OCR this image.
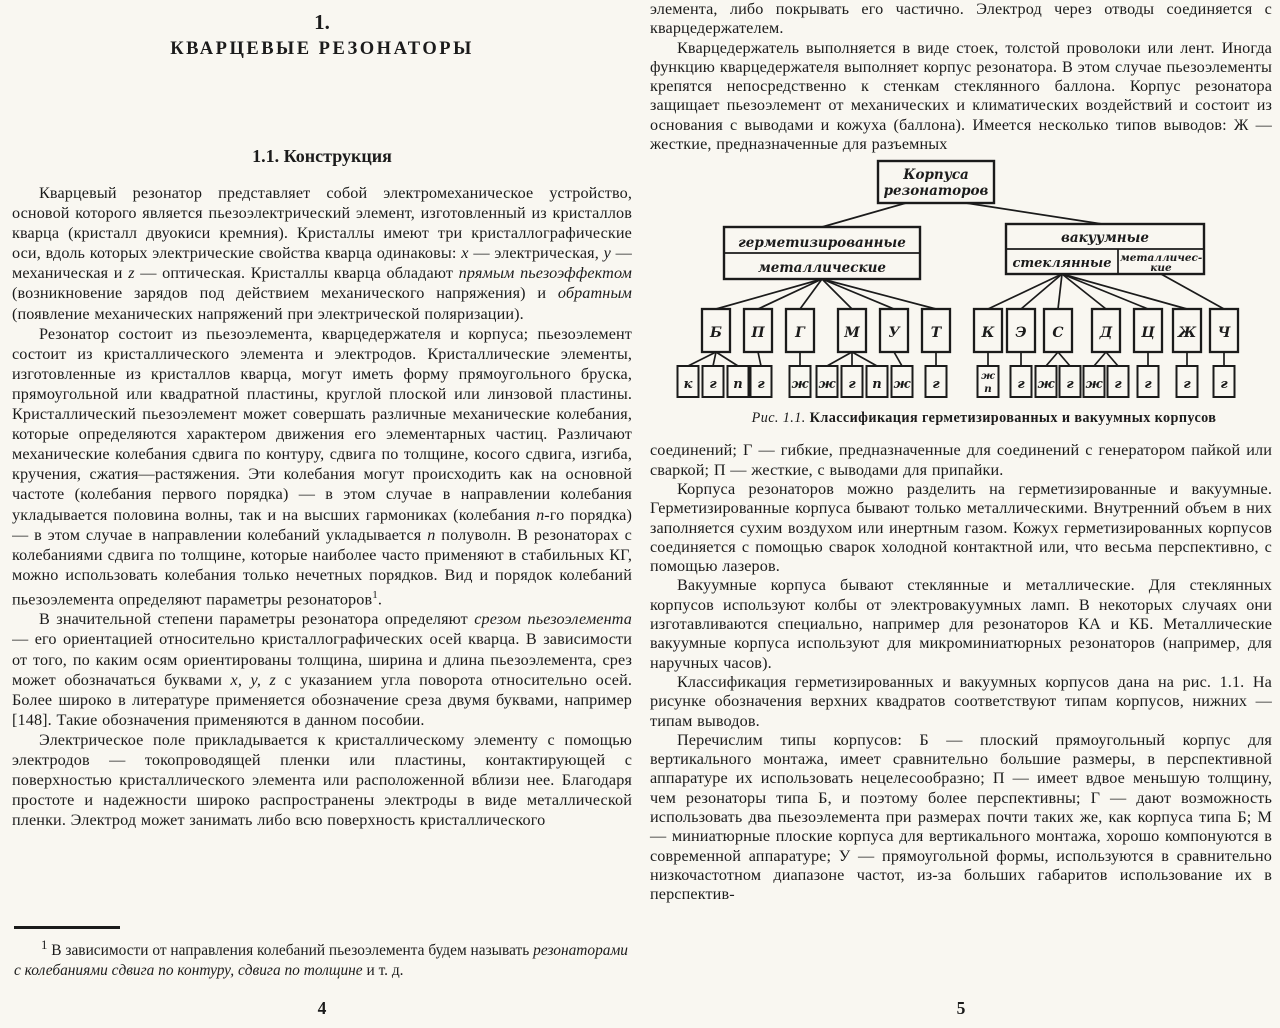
1.
КВАРЦЕВЫЕ РЕЗОНАТОРЫ
1.1. Конструкция

Кварцевый резонатор представляет собой электромеханическое устройство, основой которого является пьезоэлектрический элемент, изготовленный из кристаллов кварца (кристалл двуокиси кремния). Кристаллы имеют три кристаллографические оси, вдоль которых электрические свойства кварца одинаковы: x — электрическая, y — механическая и z — оптическая. Кристаллы кварца обладают прямым пьезоэффектом (возникновение зарядов под действием механического напряжения) и обратным (появление механических напряжений при электрической поляризации).

Резонатор состоит из пьезоэлемента, кварцедержателя и корпуса; пьезоэлемент состоит из кристаллического элемента и электродов. Кристаллические элементы, изготовленные из кристаллов кварца, могут иметь форму прямоугольного бруска, прямоугольной или квадратной пластины, круглой плоской или линзовой пластины. Кристаллический пьезоэлемент может совершать различные механические колебания, которые определяются характером движения его элементарных частиц. Различают механические колебания сдвига по контуру, сдвига по толщине, косого сдвига, изгиба, кручения, сжатия—растяжения. Эти колебания могут происходить как на основной частоте (колебания первого порядка) — в этом случае в направлении колебания укладывается половина волны, так и на высших гармониках (колебания n-го порядка) — в этом случае в направлении колебаний укладывается n полуволн. В резонаторах с колебаниями сдвига по толщине, которые наиболее часто применяют в стабильных КГ, можно использовать колебания только нечетных порядков. Вид и порядок колебаний пьезоэлемента определяют параметры резонаторов$^1$.

В значительной степени параметры резонатора определяют срезом пьезоэлемента — его ориентацией относительно кристаллографических осей кварца. В зависимости от того, по каким осям ориентированы толщина, ширина и длина пьезоэлемента, срез может обозначаться буквами x, y, z с указанием угла поворота относительно осей. Более широко в литературе применяется обозначение среза двумя буквами, например [148]. Такие обозначения применяются в данном пособии.

Электрическое поле прикладывается к кристаллическому элементу с помощью электродов — токопроводящей пленки или пластины, контактирующей с поверхностью кристаллического элемента или расположенной вблизи нее. Благодаря простоте и надежности широко распространены электроды в виде металлической пленки. Электрод может занимать либо всю поверхность кристаллического

$^1$ В зависимости от направления колебаний пьезоэлемента будем называть резонаторами с колебаниями сдвига по контуру, сдвига по толщине и т. д.

4

элемента, либо покрывать его частично. Электрод через отводы соединяется с кварцедержателем.

Кварцедержатель выполняется в виде стоек, толстой проволоки или лент. Иногда функцию кварцедержателя выполняет корпус резонатора. В этом случае пьезоэлементы крепятся непосредственно к стенкам стеклянного баллона. Корпус резонатора защищает пьезоэлемент от механических и климатических воздействий и состоит из основания с выводами и кожуха (баллона). Имеется несколько типов выводов: Ж — жесткие, предназначенные для разъемных

Корпуса
резонаторов
герметизированные
металлические
вакуумные
стеклянные металличес-
кие
Б
к г п
П
г
Г
ж
М
ж г п
У
ж
Т
г
К
ж
п
Э
г
С
ж г
Д
ж г
Ц
г
Ж
г
Ч
г
Рис. 1.1. Классификация герметизированных и вакуумных корпусов

соединений; Г — гибкие, предназначенные для соединений с генератором пайкой или сваркой; П — жесткие, с выводами для припайки.

Корпуса резонаторов можно разделить на герметизированные и вакуумные. Герметизированные корпуса бывают только металлическими. Внутренний объем в них заполняется сухим воздухом или инертным газом. Кожух герметизированных корпусов соединяется с помощью сварок холодной контактной или, что весьма перспективно, с помощью лазеров.

Вакуумные корпуса бывают стеклянные и металлические. Для стеклянных корпусов используют колбы от электровакуумных ламп. В некоторых случаях они изготавливаются специально, например для резонаторов КА и КБ. Металлические вакуумные корпуса используют для микроминиатюрных резонаторов (например, для наручных часов).

Классификация герметизированных и вакуумных корпусов дана на рис. 1.1. На рисунке обозначения верхних квадратов соответствуют типам корпусов, нижних — типам выводов.

Перечислим типы корпусов: Б — плоский прямоугольный корпус для вертикального монтажа, имеет сравнительно большие размеры, в перспективной аппаратуре их использовать нецелесообразно; П — имеет вдвое меньшую толщину, чем резонаторы типа Б, и поэтому более перспективны; Г — дают возможность использовать два пьезоэлемента при размерах почти таких же, как корпуса типа Б; М — миниатюрные плоские корпуса для вертикального монтажа, хорошо компонуются в современной аппаратуре; У — прямоугольной формы, используются в сравнительно низкочастотном диапазоне частот, из-за больших габаритов использование их в перспектив-

5
